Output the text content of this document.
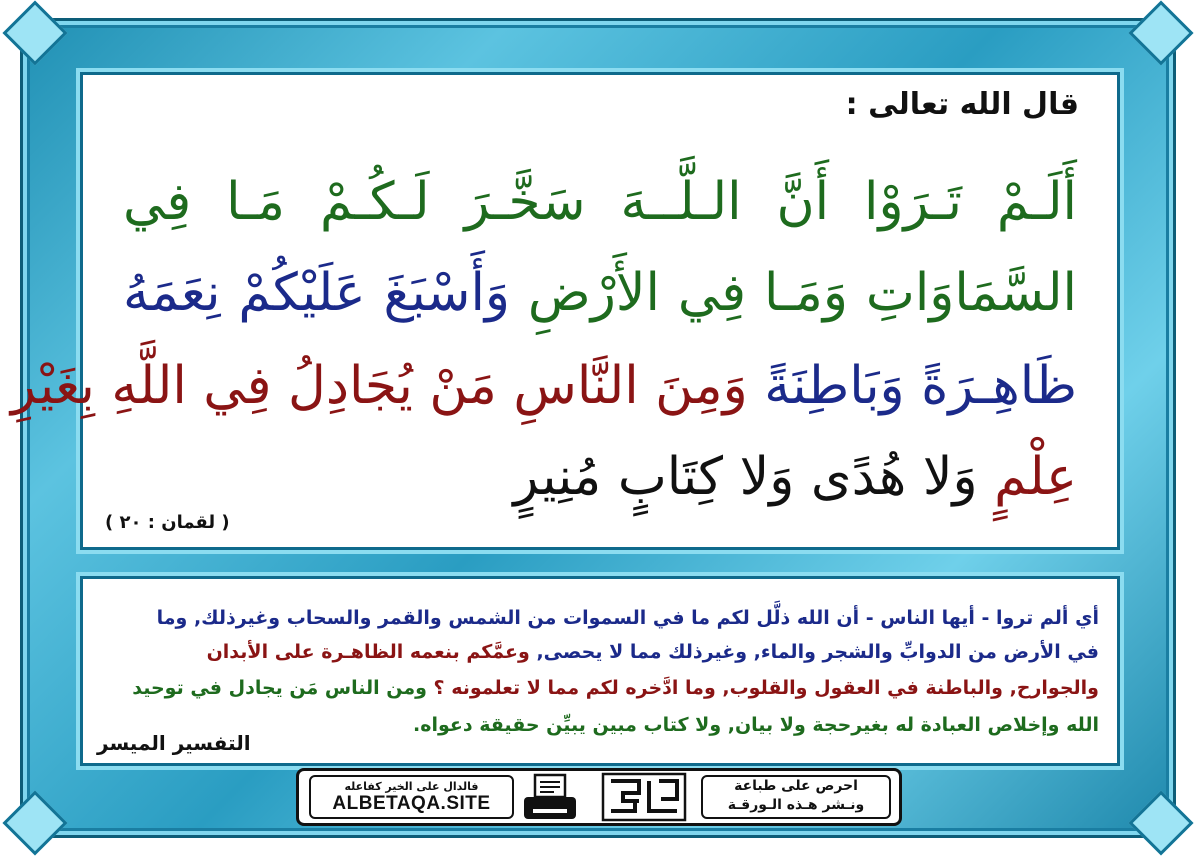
قال الله تعالى :
أَلَـمْ تَـرَوْا أَنَّ الـلَّــهَ سَخَّـرَ لَـكُـمْ مَـا فِي
السَّمَاوَاتِ وَمَـا فِي الأَرْضِ وَأَسْبَغَ عَلَيْكُمْ نِعَمَهُ
ظَاهِـرَةً وَبَاطِنَةً وَمِنَ النَّاسِ مَنْ يُجَادِلُ فِي اللَّهِ بِغَيْرِ
عِلْمٍ وَلا هُدًى وَلا كِتَابٍ مُنِيرٍ
( لقمان : ٢٠ )
أي ألم تروا - أيها الناس - أن الله ذلَّل لكم ما في السموات من الشمس والقمر والسحاب وغيرذلك, وما
في الأرض من الدوابِّ والشجر والماء, وغيرذلك مما لا يحصى, وعمَّكم بنعمه الظاهـرة على الأبدان
والجوارح, والباطنة في العقول والقلوب, وما ادَّخره لكم مما لا تعلمونه ؟ ومن الناس مَن يجادل في توحيد
الله وإخلاص العبادة له بغيرحجة ولا بيان, ولا كتاب مبين يبيِّن حقيقة دعواه.
التفسير الميسر
فالدال على الخير كفاعله
ALBETAQA.SITE
احرص على طباعة
ونـشر هـذه الـورقـة
